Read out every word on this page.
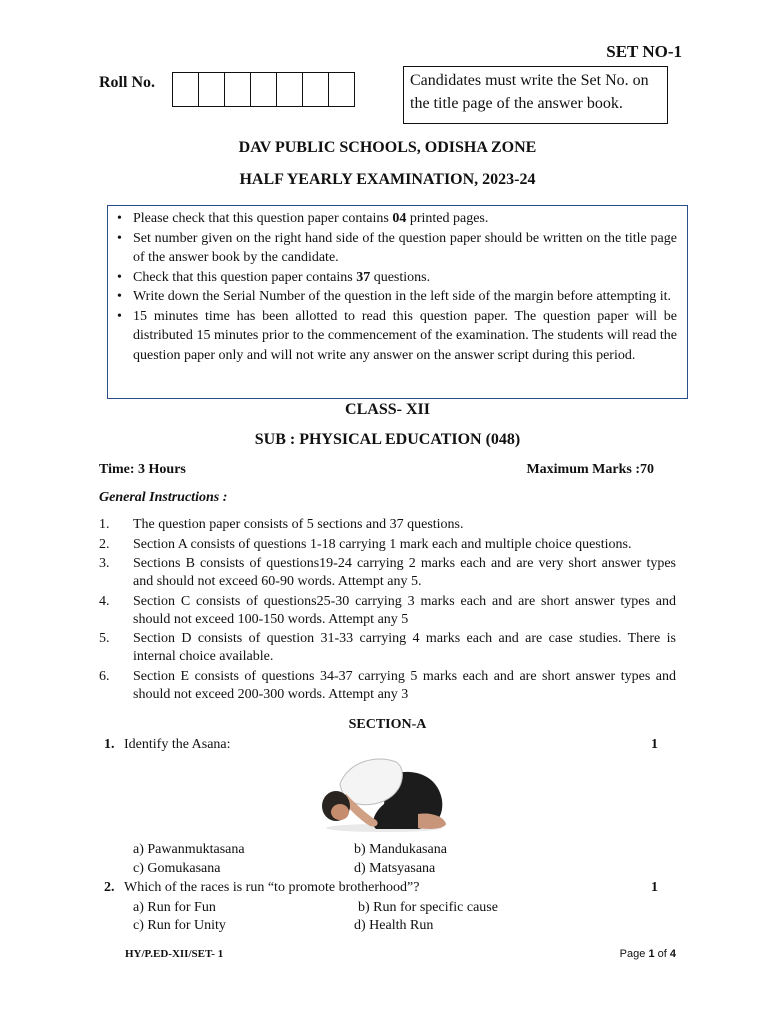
SET NO-1
Roll No.	Candidates must write the Set No. on the title page of the answer book.
DAV PUBLIC SCHOOLS, ODISHA ZONE
HALF YEARLY EXAMINATION, 2023-24
• Please check that this question paper contains 04 printed pages.
• Set number given on the right hand side of the question paper should be written on the title page of the answer book by the candidate.
• Check that this question paper contains 37 questions.
• Write down the Serial Number of the question in the left side of the margin before attempting it.
• 15 minutes time has been allotted to read this question paper. The question paper will be distributed 15 minutes prior to the commencement of the examination. The students will read the question paper only and will not write any answer on the answer script during this period.
CLASS- XII
SUB : PHYSICAL EDUCATION (048)
Time: 3 Hours	Maximum Marks :70
General Instructions :
1.	The question paper consists of 5 sections and 37 questions.
2.	Section A consists of questions 1-18 carrying 1 mark each and multiple choice questions.
3.	Sections B consists of questions19-24 carrying 2 marks each and are very short answer types and should not exceed 60-90 words. Attempt any 5.
4.	Section C consists of questions25-30 carrying 3 marks each and are short answer types and should not exceed 100-150 words. Attempt any 5
5.	Section D consists of question 31-33 carrying 4 marks each and are case studies. There is internal choice available.
6.	Section E consists of questions 34-37 carrying 5 marks each and are short answer types and should not exceed 200-300 words. Attempt any 3
SECTION-A
1. Identify the Asana:	1
a) Pawanmuktasana	b) Mandukasana
c) Gomukasana	d) Matsyasana
2. Which of the races is run “to promote brotherhood”?	1
a) Run for Fun	b) Run for specific cause
c) Run for Unity	d) Health Run
HY/P.ED-XII/SET- 1	Page 1 of 4
